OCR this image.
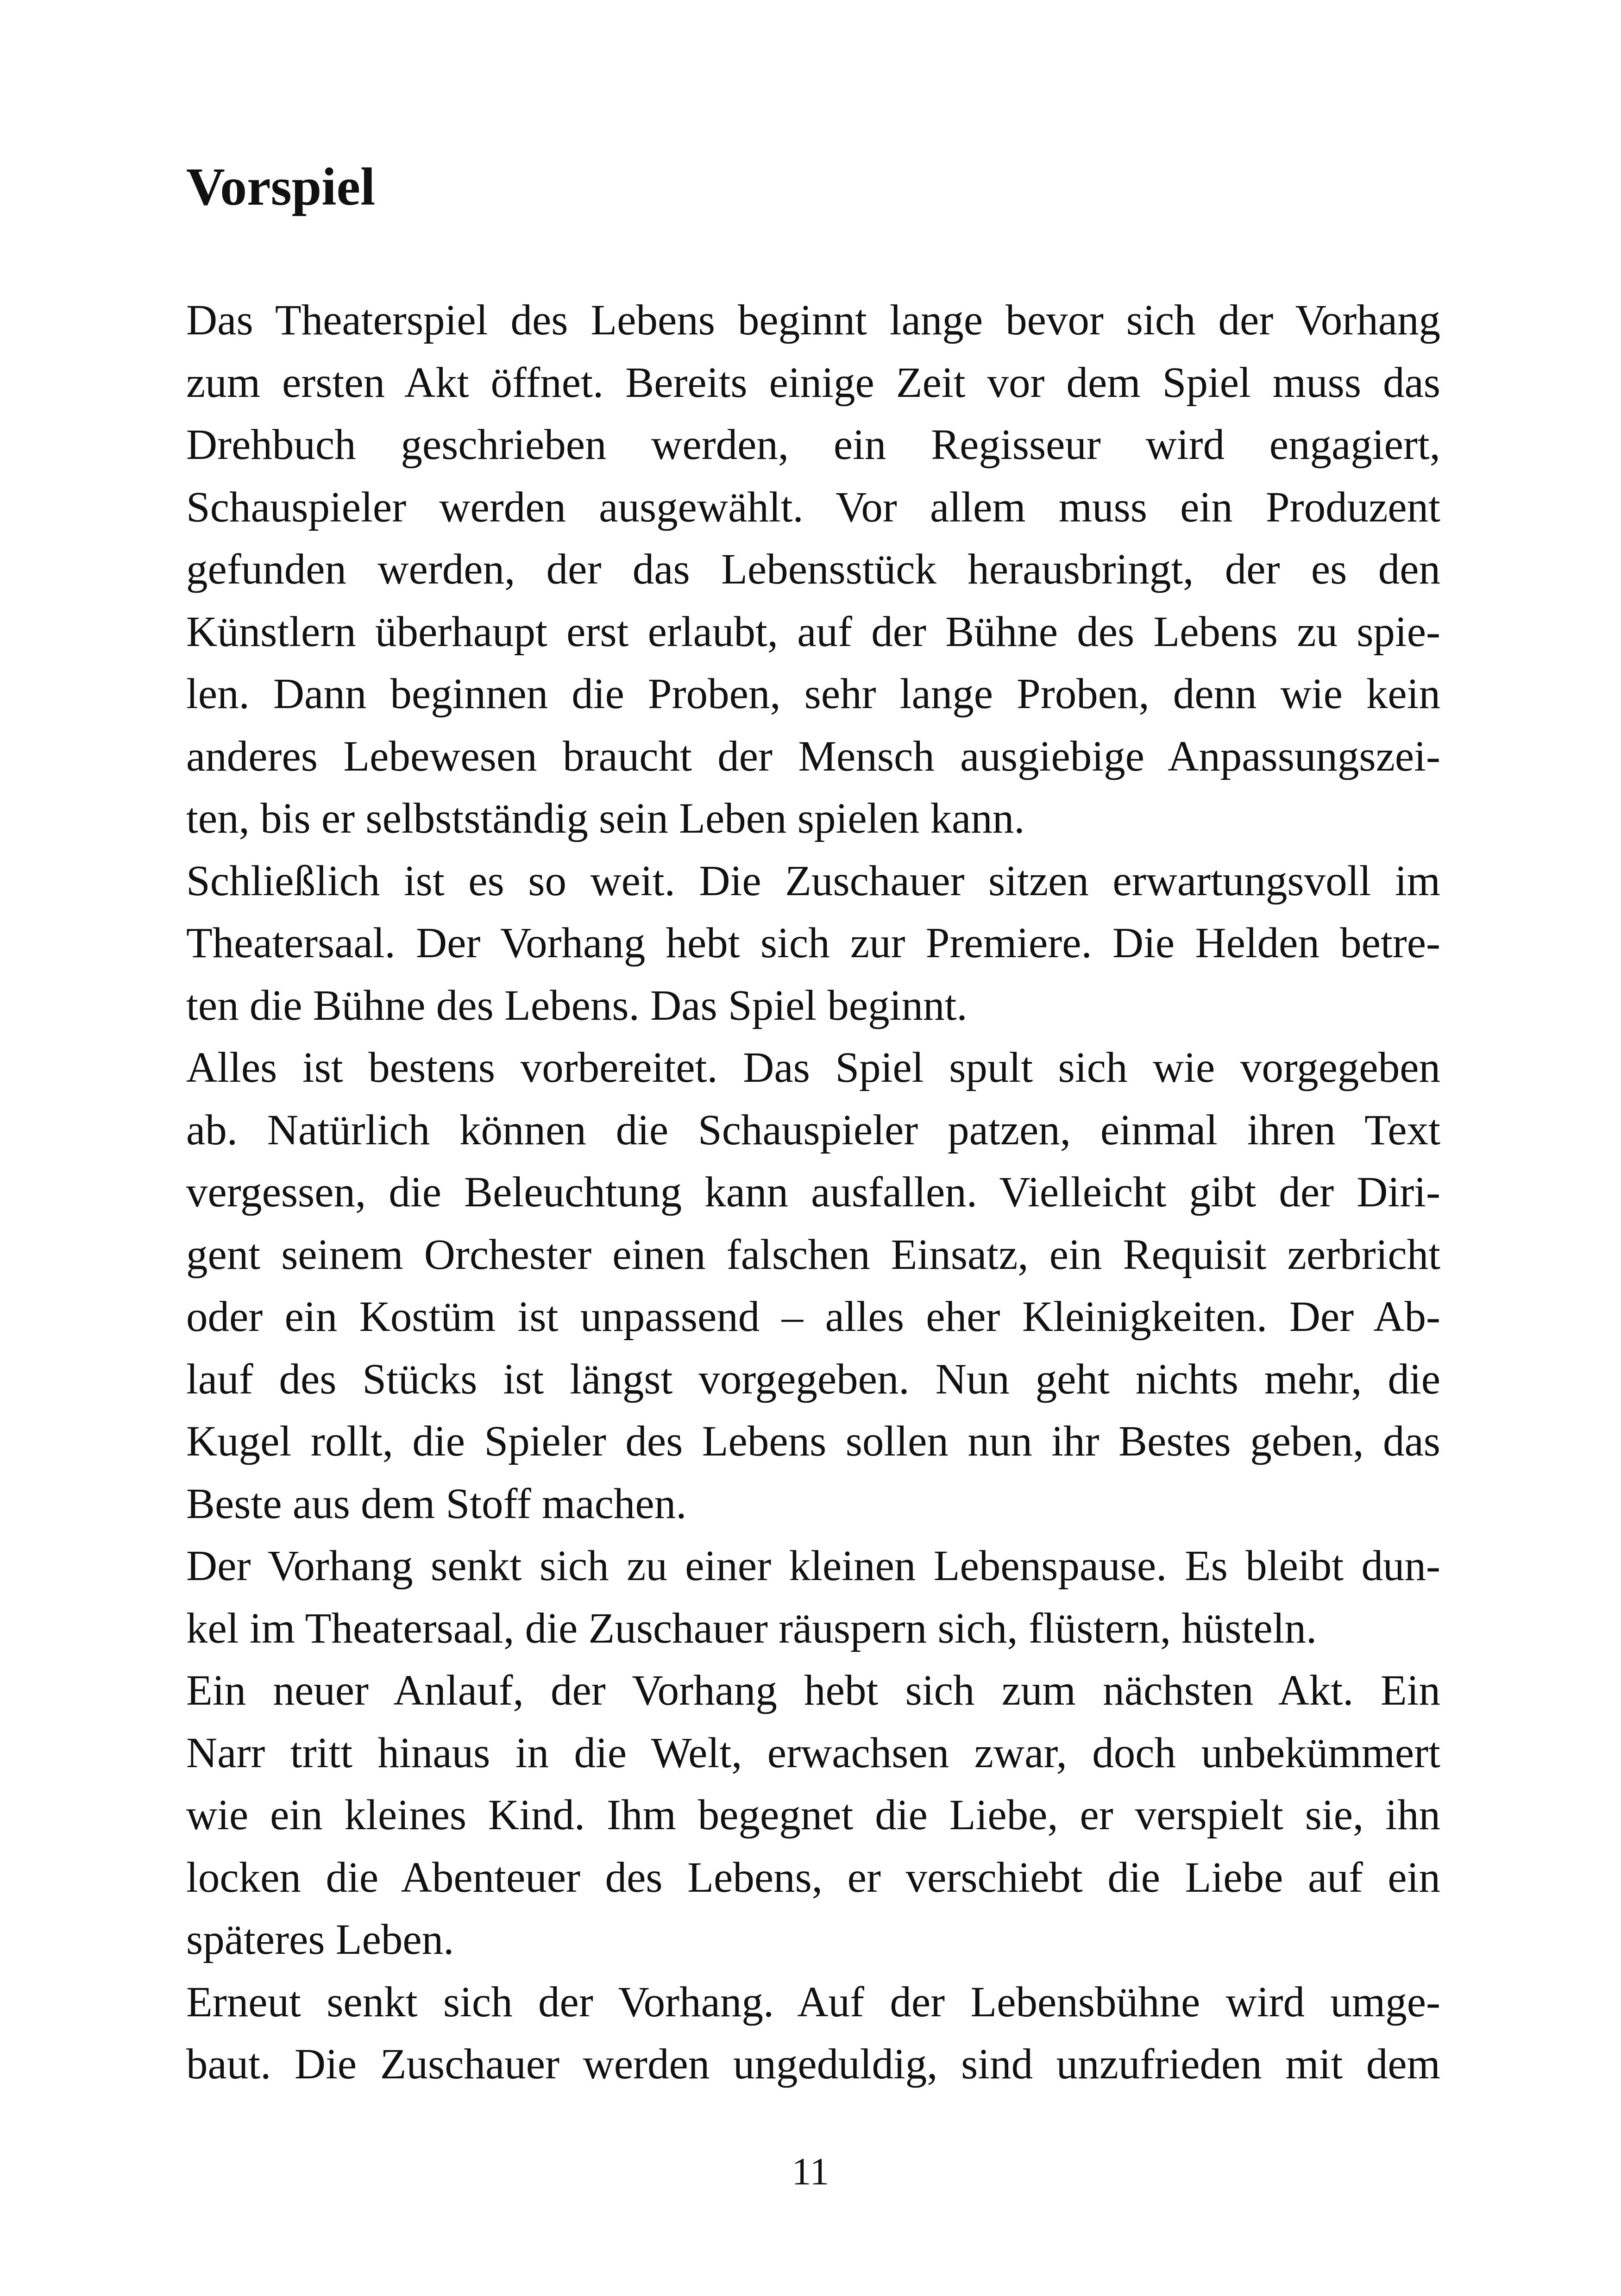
Vorspiel
Das Theaterspiel des Lebens beginnt lange bevor sich der Vorhang
zum ersten Akt öffnet. Bereits einige Zeit vor dem Spiel muss das
Drehbuch geschrieben werden, ein Regisseur wird engagiert,
Schauspieler werden ausgewählt. Vor allem muss ein Produzent
gefunden werden, der das Lebensstück herausbringt, der es den
Künstlern überhaupt erst erlaubt, auf der Bühne des Lebens zu spie-
len. Dann beginnen die Proben, sehr lange Proben, denn wie kein
anderes Lebewesen braucht der Mensch ausgiebige Anpassungszei-
ten, bis er selbstständig sein Leben spielen kann.
Schließlich ist es so weit. Die Zuschauer sitzen erwartungsvoll im
Theatersaal. Der Vorhang hebt sich zur Premiere. Die Helden betre-
ten die Bühne des Lebens. Das Spiel beginnt.
Alles ist bestens vorbereitet. Das Spiel spult sich wie vorgegeben
ab. Natürlich können die Schauspieler patzen, einmal ihren Text
vergessen, die Beleuchtung kann ausfallen. Vielleicht gibt der Diri-
gent seinem Orchester einen falschen Einsatz, ein Requisit zerbricht
oder ein Kostüm ist unpassend – alles eher Kleinigkeiten. Der Ab-
lauf des Stücks ist längst vorgegeben. Nun geht nichts mehr, die
Kugel rollt, die Spieler des Lebens sollen nun ihr Bestes geben, das
Beste aus dem Stoff machen.
Der Vorhang senkt sich zu einer kleinen Lebenspause. Es bleibt dun-
kel im Theatersaal, die Zuschauer räuspern sich, flüstern, hüsteln.
Ein neuer Anlauf, der Vorhang hebt sich zum nächsten Akt. Ein
Narr tritt hinaus in die Welt, erwachsen zwar, doch unbekümmert
wie ein kleines Kind. Ihm begegnet die Liebe, er verspielt sie, ihn
locken die Abenteuer des Lebens, er verschiebt die Liebe auf ein
späteres Leben.
Erneut senkt sich der Vorhang. Auf der Lebensbühne wird umge-
baut. Die Zuschauer werden ungeduldig, sind unzufrieden mit dem
11
